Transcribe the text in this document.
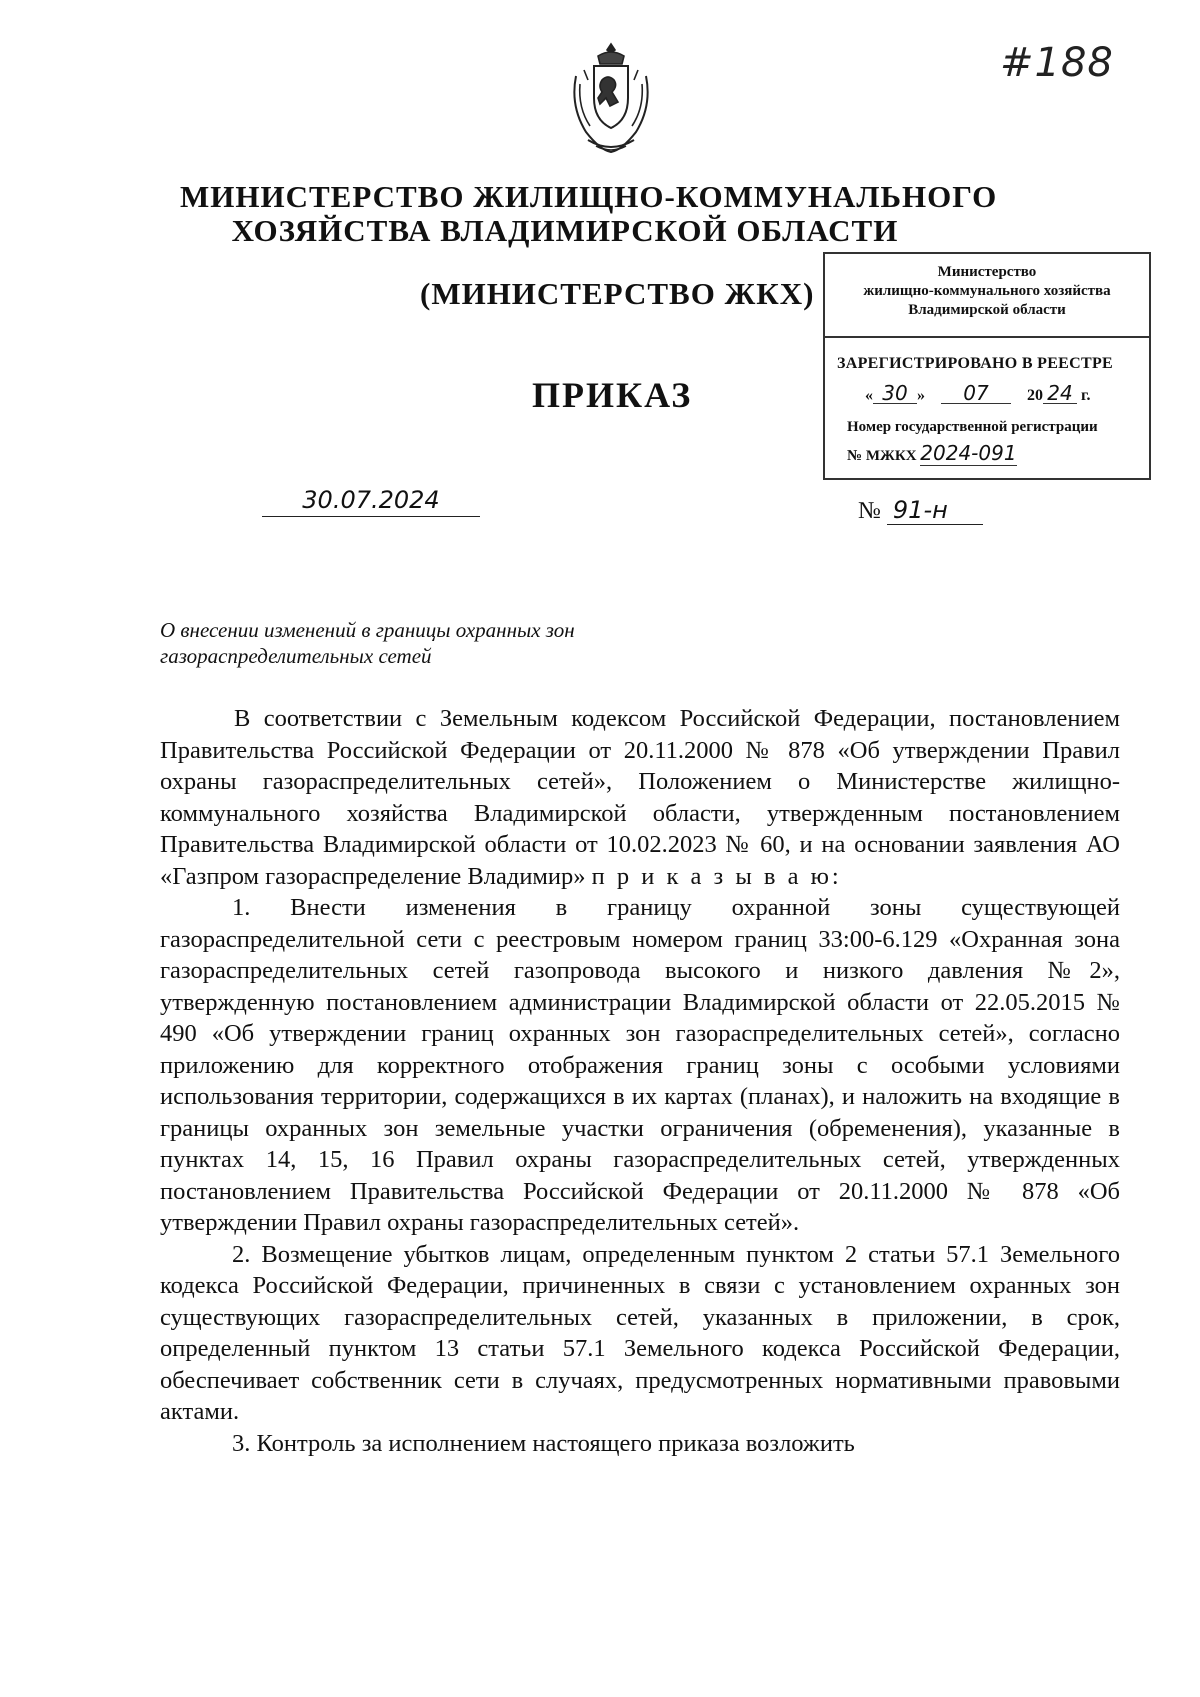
#188
МИНИСТЕРСТВО ЖИЛИЩНО-КОММУНАЛЬНОГО
ХОЗЯЙСТВА ВЛАДИМИРСКОЙ ОБЛАСТИ
(МИНИСТЕРСТВО ЖКХ)
ПРИКАЗ
Министерство
жилищно-коммунального хозяйства
Владимирской области
ЗАРЕГИСТРИРОВАНО В РЕЕСТРЕ
« 30 » 07 20 24 г.
Номер государственной регистрации
№ МЖКХ 2024-091
30.07.2024	№ 91-н
О внесении изменений в границы охранных зон
газораспределительных сетей

В соответствии с Земельным кодексом Российской Федерации, постановлением Правительства Российской Федерации от 20.11.2000 № 878 «Об утверждении Правил охраны газораспределительных сетей», Положением о Министерстве жилищно-коммунального хозяйства Владимирской области, утвержденным постановлением Правительства Владимирской области от 10.02.2023 № 60, и на основании заявления АО «Газпром газораспределение Владимир» п р и к а з ы в а ю:

1. Внести изменения в границу охранной зоны существующей газораспределительной сети с реестровым номером границ 33:00-6.129 «Охранная зона газораспределительных сетей газопровода высокого и низкого давления №2», утвержденную постановлением администрации Владимирской области от 22.05.2015 № 490 «Об утверждении границ охранных зон газораспределительных сетей», согласно приложению для корректного отображения границ зоны с особыми условиями использования территории, содержащихся в их картах (планах), и наложить на входящие в границы охранных зон земельные участки ограничения (обременения), указанные в пунктах 14, 15, 16 Правил охраны газораспределительных сетей, утвержденных постановлением Правительства Российской Федерации от 20.11.2000 № 878 «Об утверждении Правил охраны газораспределительных сетей».

2. Возмещение убытков лицам, определенным пунктом 2 статьи 57.1 Земельного кодекса Российской Федерации, причиненных в связи с установлением охранных зон существующих газораспределительных сетей, указанных в приложении, в срок, определенный пунктом 13 статьи 57.1 Земельного кодекса Российской Федерации, обеспечивает собственник сети в случаях, предусмотренных нормативными правовыми актами.

3. Контроль за исполнением настоящего приказа возложить
